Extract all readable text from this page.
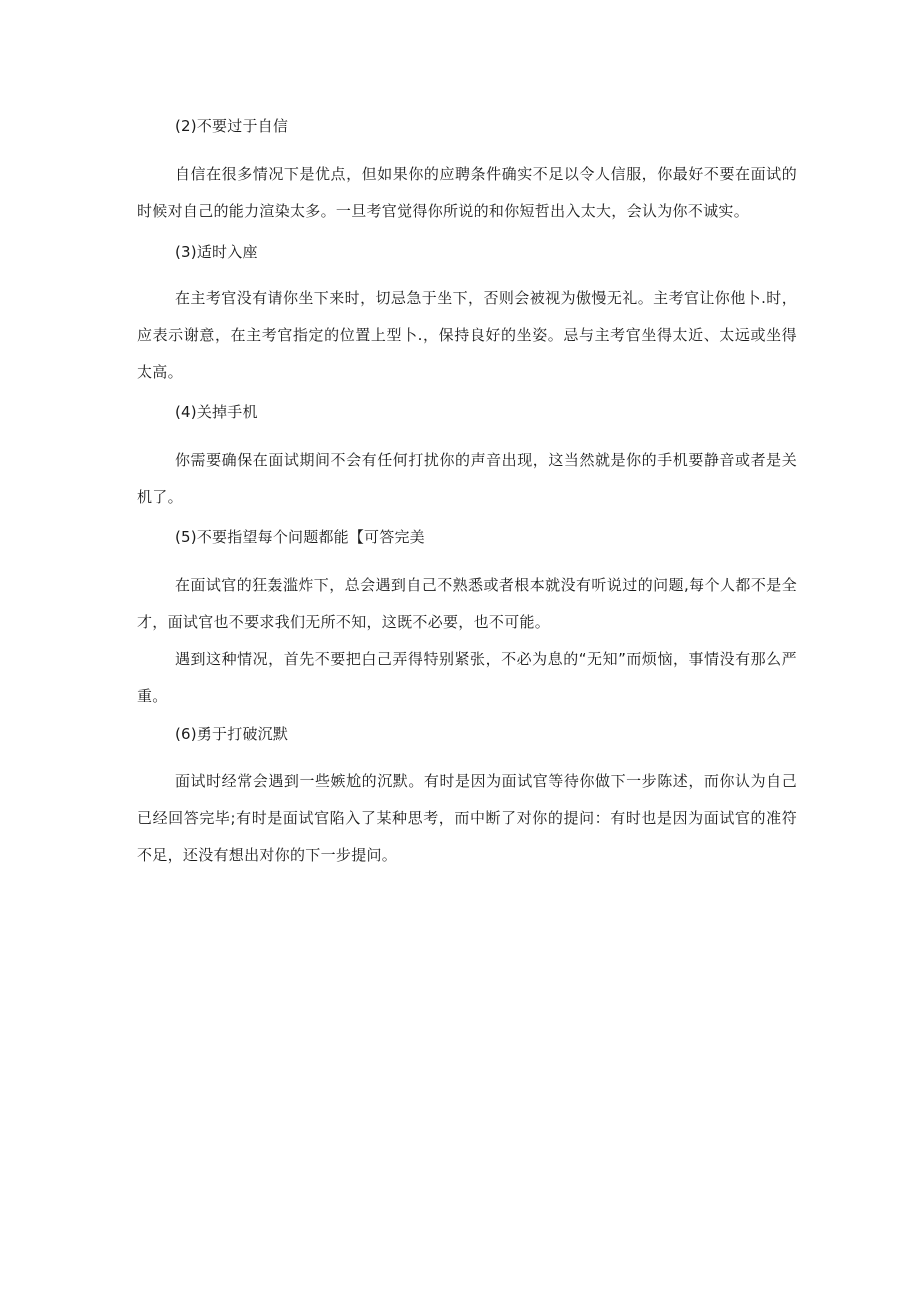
(2)不要过于自信
自信在很多情况下是优点，但如果你的应聘条件确实不足以令人信服，你最好不要在面试的时候对自己的能力渲染太多。一旦考官觉得你所说的和你短哲出入太大，会认为你不诚实。
(3)适时入座
在主考官没有请你坐下来时，切忌急于坐下，否则会被视为傲慢无礼。主考官让你他卜.时，应表示谢意，在主考官指定的位置上型卜.，保持良好的坐姿。忌与主考官坐得太近、太远或坐得太高。
(4)关掉手机
你需要确保在面试期间不会有任何打扰你的声音出现，这当然就是你的手机要静音或者是关机了。
(5)不要指望每个问题都能【可答完美
在面试官的狂轰滥炸下，总会遇到自己不熟悉或者根本就没有听说过的问题,每个人都不是全才，面试官也不要求我们无所不知，这既不必要，也不可能。
遇到这种情况，首先不要把白己弄得特别紧张，不必为息的“无知”而烦恼，事情没有那么严重。
(6)勇于打破沉默
面试时经常会遇到一些嫉尬的沉默。有时是因为面试官等待你做下一步陈述，而你认为自己已经回答完毕;有时是面试官陷入了某种思考，而中断了对你的提问：有时也是因为面试官的准符不足，还没有想出对你的下一步提问。
